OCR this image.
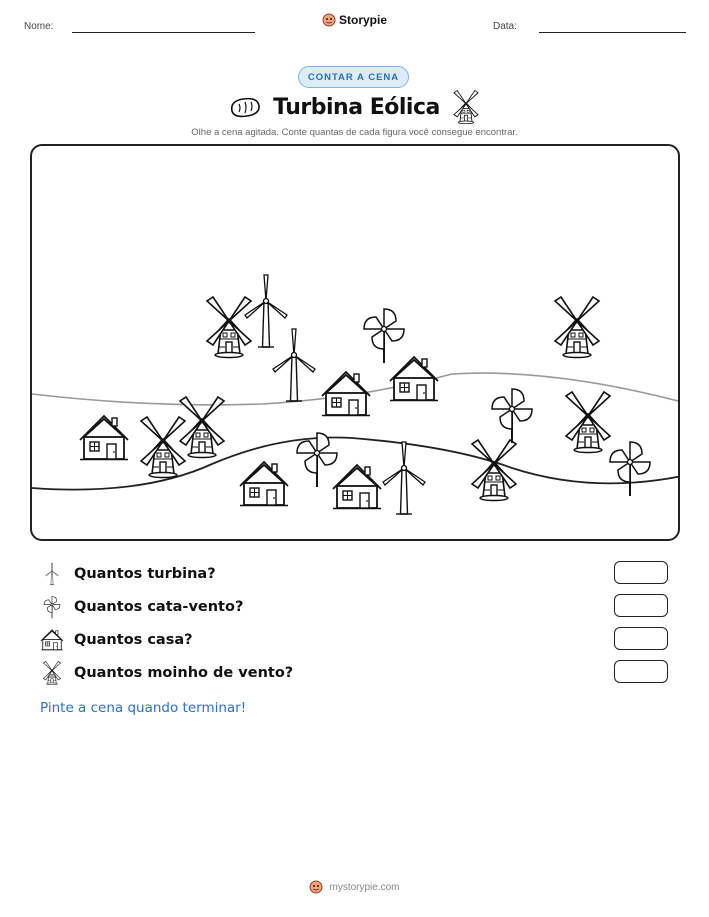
Nome:	Storypie	Data:
CONTAR A CENA
Turbina Eólica
Olhe a cena agitada. Conte quantas de cada figura você consegue encontrar.
Quantos turbina?
Quantos cata-vento?
Quantos casa?
Quantos moinho de vento?
Pinte a cena quando terminar!
mystorypie.com
